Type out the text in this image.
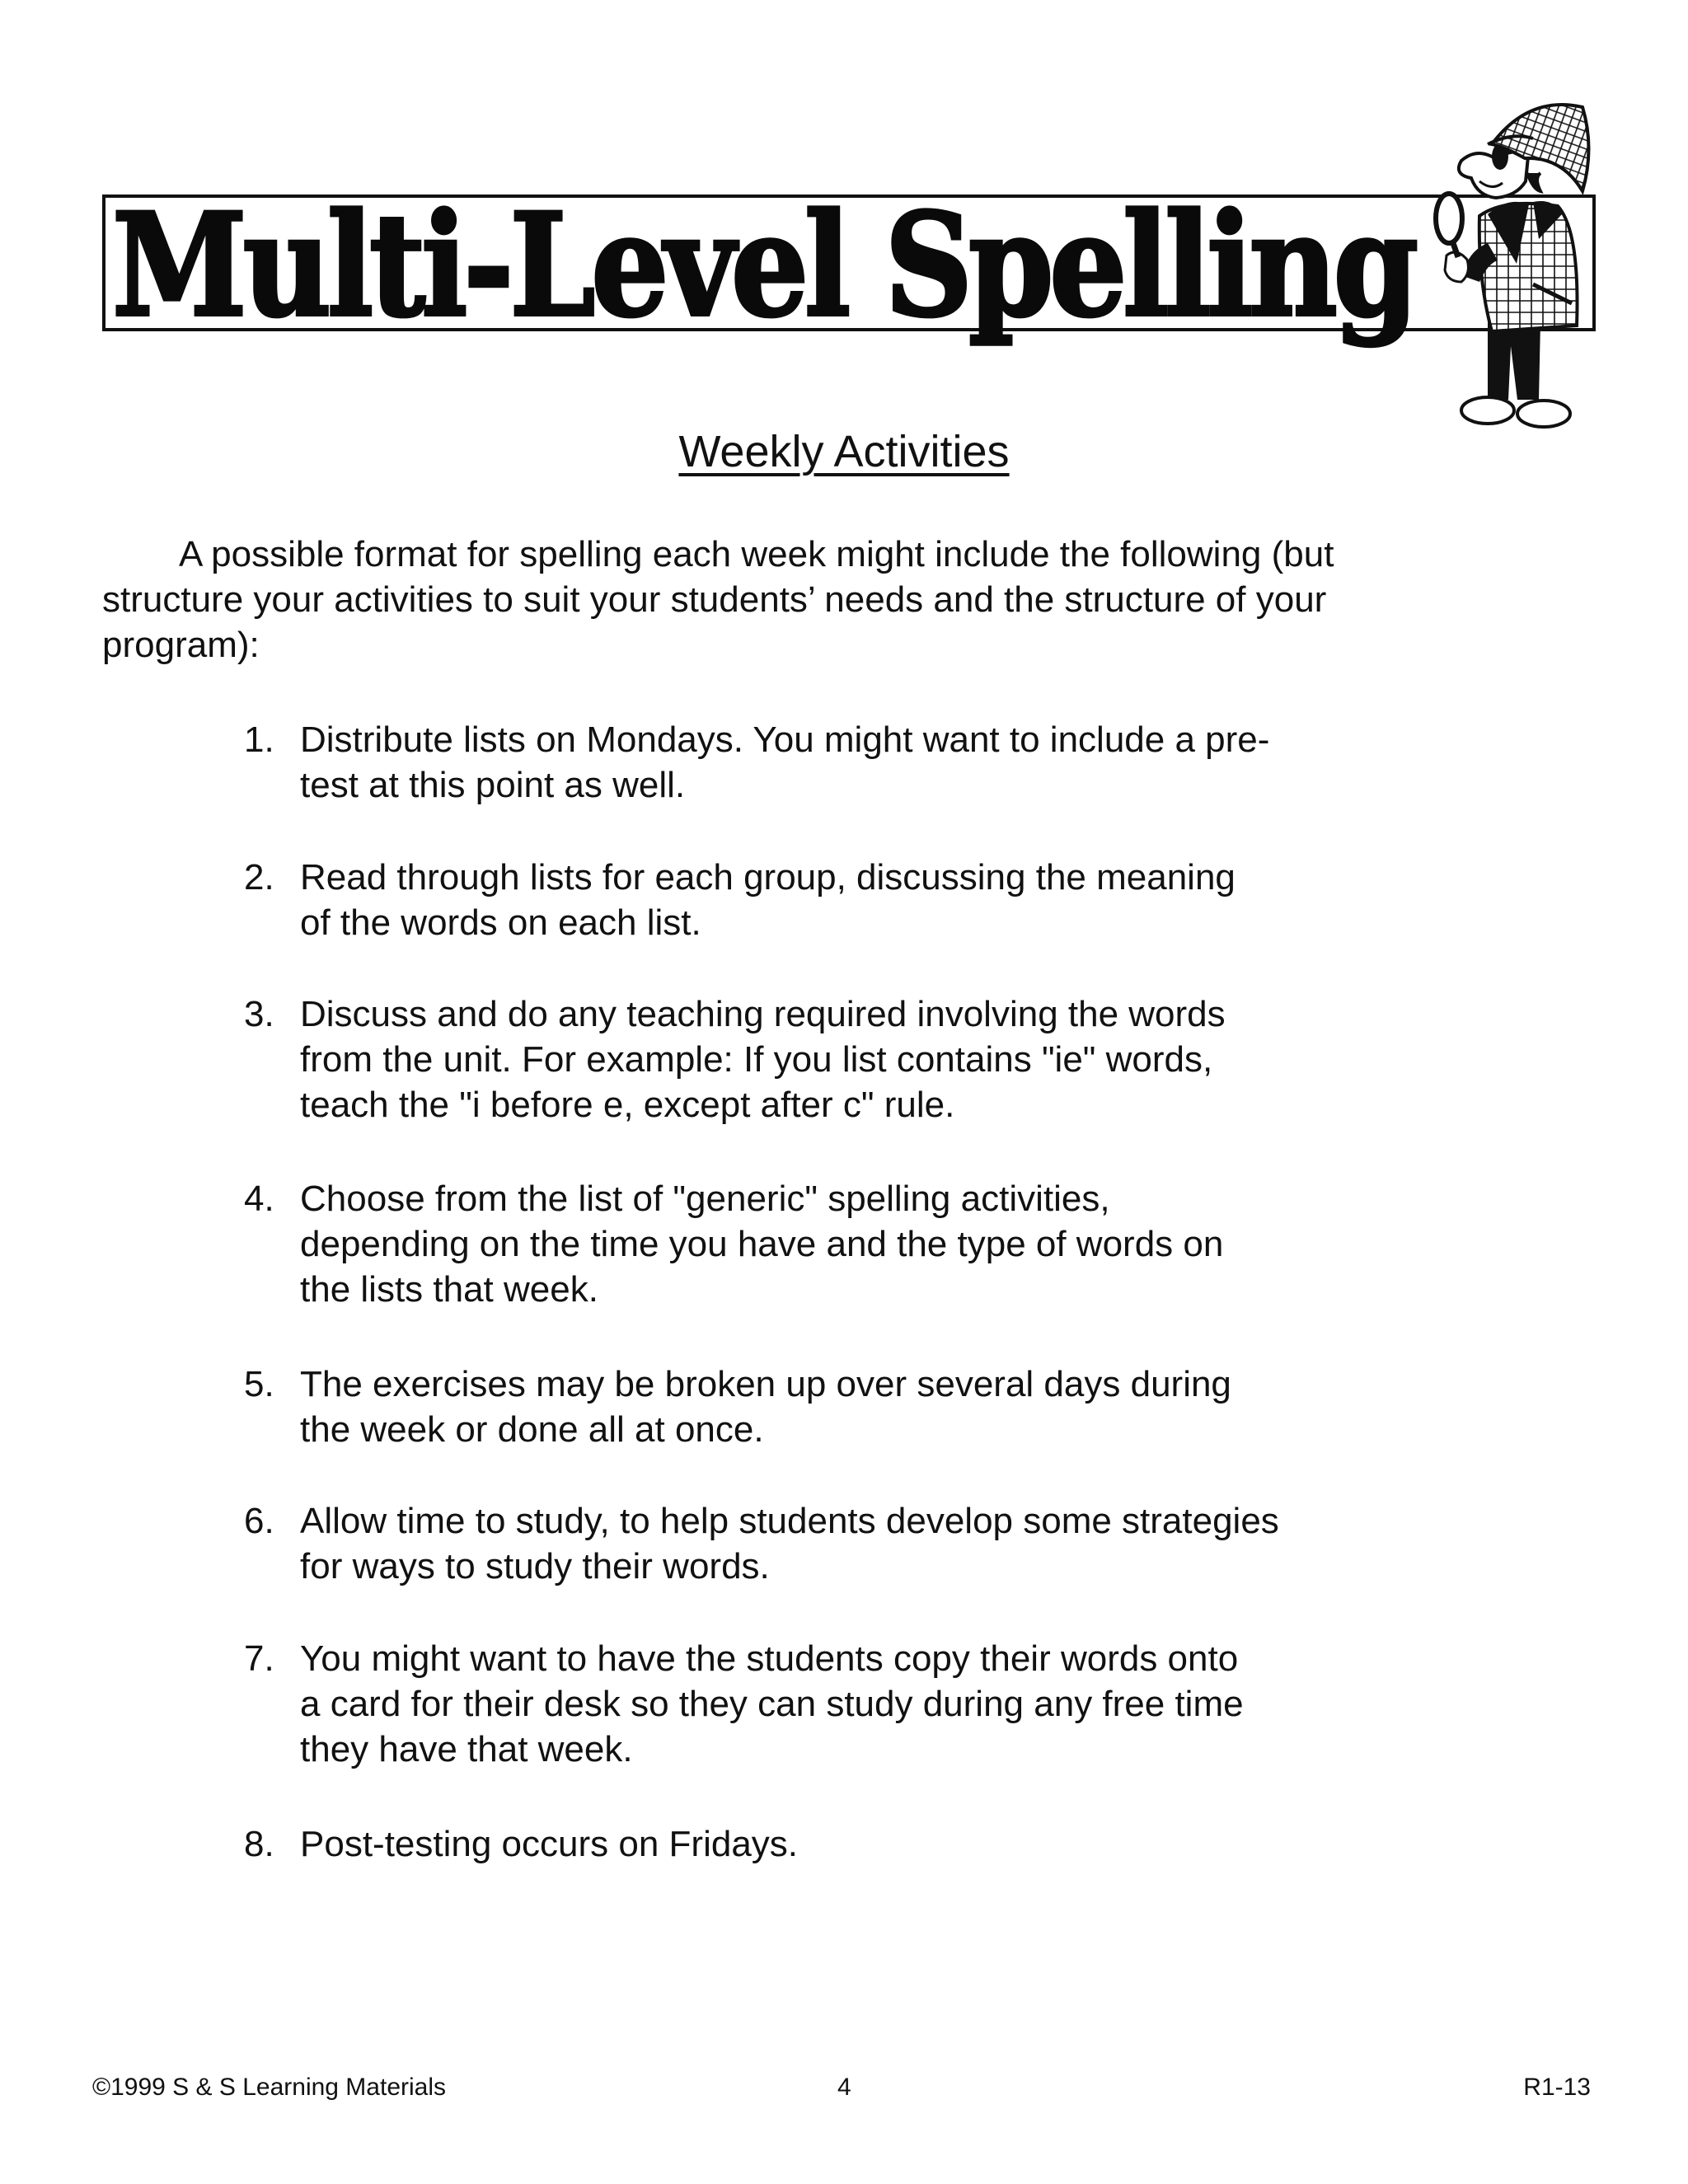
Multi-Level Spelling
Weekly Activities
A possible format for spelling each week might include the following (but
structure your activities to suit your students’ needs and the structure of your
program):
1. Distribute lists on Mondays. You might want to include a pre-
test at this point as well.
2. Read through lists for each group, discussing the meaning
of the words on each list.
3. Discuss and do any teaching required involving the words
from the unit. For example: If you list contains "ie" words,
teach the "i before e, except after c" rule.
4. Choose from the list of "generic" spelling activities,
depending on the time you have and the type of words on
the lists that week.
5. The exercises may be broken up over several days during
the week or done all at once.
6. Allow time to study, to help students develop some strategies
for ways to study their words.
7. You might want to have the students copy their words onto
a card for their desk so they can study during any free time
they have that week.
8. Post-testing occurs on Fridays.
©1999 S & S Learning Materials	4	R1-13
